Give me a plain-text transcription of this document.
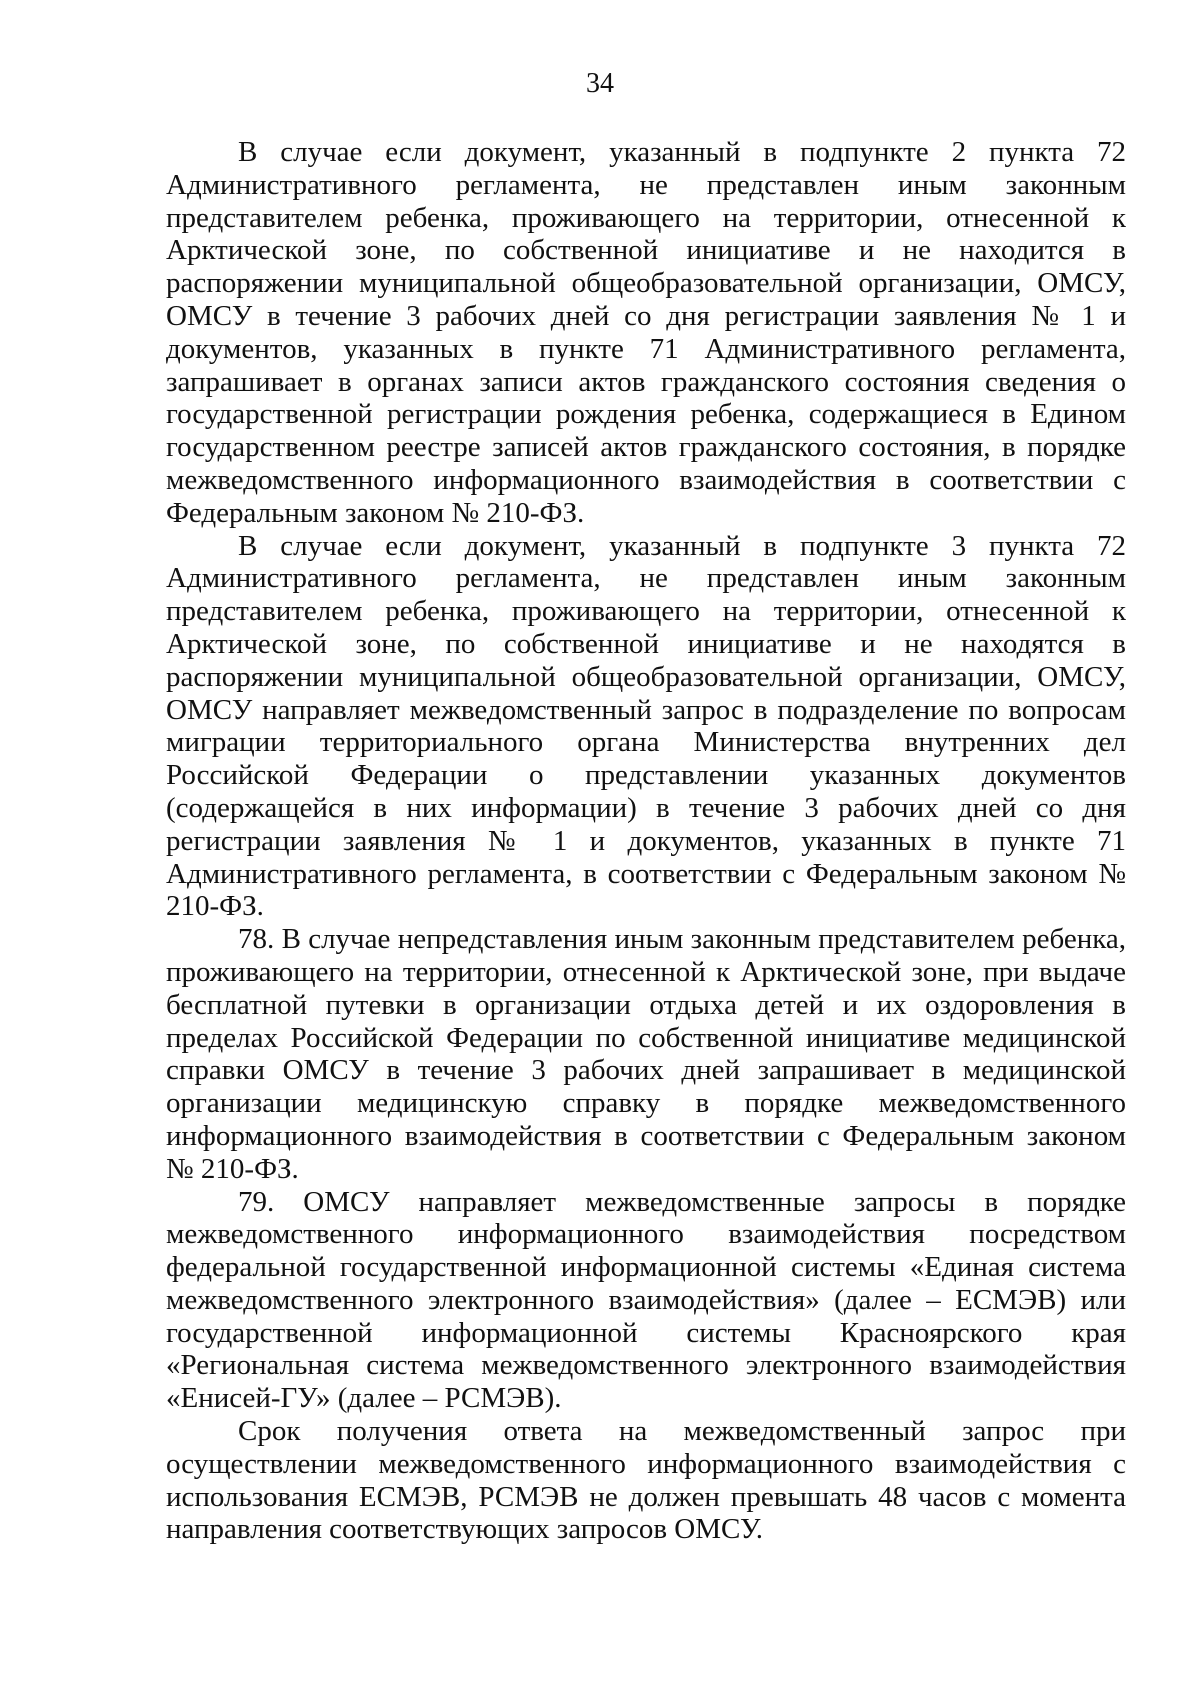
34

В случае если документ, указанный в подпункте 2 пункта 72 Административного регламента, не представлен иным законным представителем ребенка, проживающего на территории, отнесенной к Арктической зоне, по собственной инициативе и не находится в распоряжении муниципальной общеобразовательной организации, ОМСУ, ОМСУ в течение 3 рабочих дней со дня регистрации заявления № 1 и документов, указанных в пункте 71 Административного регламента, запрашивает в органах записи актов гражданского состояния сведения о государственной регистрации рождения ребенка, содержащиеся в Едином государственном реестре записей актов гражданского состояния, в порядке межведомственного информационного взаимодействия в соответствии с Федеральным законом № 210-ФЗ.

В случае если документ, указанный в подпункте 3 пункта 72 Административного регламента, не представлен иным законным представителем ребенка, проживающего на территории, отнесенной к Арктической зоне, по собственной инициативе и не находятся в распоряжении муниципальной общеобразовательной организации, ОМСУ, ОМСУ направляет межведомственный запрос в подразделение по вопросам миграции территориального органа Министерства внутренних дел Российской Федерации о представлении указанных документов (содержащейся в них информации) в течение 3 рабочих дней со дня регистрации заявления № 1 и документов, указанных в пункте 71 Административного регламента, в соответствии с Федеральным законом № 210-ФЗ.

78. В случае непредставления иным законным представителем ребенка, проживающего на территории, отнесенной к Арктической зоне, при выдаче бесплатной путевки в организации отдыха детей и их оздоровления в пределах Российской Федерации по собственной инициативе медицинской справки ОМСУ в течение 3 рабочих дней запрашивает в медицинской организации медицинскую справку в порядке межведомственного информационного взаимодействия в соответствии с Федеральным законом № 210-ФЗ.

79. ОМСУ направляет межведомственные запросы в порядке межведомственного информационного взаимодействия посредством федеральной государственной информационной системы «Единая система межведомственного электронного взаимодействия» (далее – ЕСМЭВ) или государственной информационной системы Красноярского края «Региональная система межведомственного электронного взаимодействия «Енисей-ГУ» (далее – РСМЭВ).

Срок получения ответа на межведомственный запрос при осуществлении межведомственного информационного взаимодействия с использования ЕСМЭВ, РСМЭВ не должен превышать 48 часов с момента направления соответствующих запросов ОМСУ.
